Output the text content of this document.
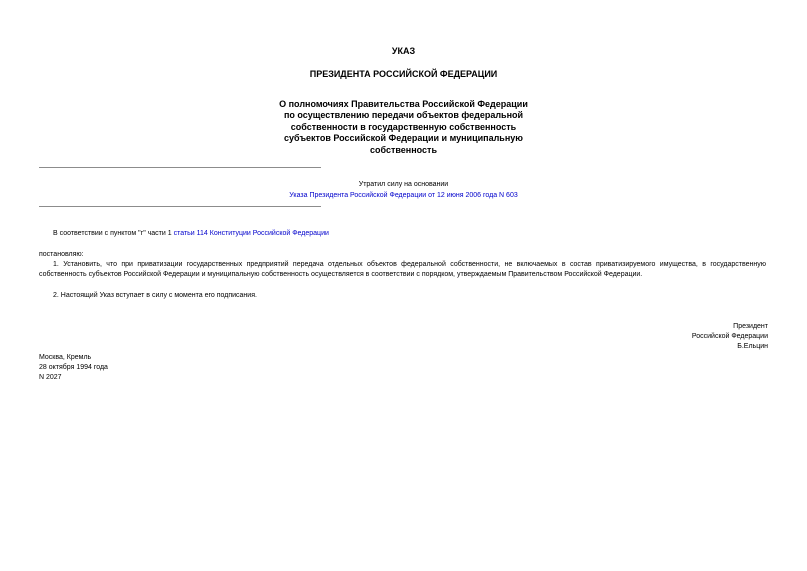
УКАЗ
ПРЕЗИДЕНТА РОССИЙСКОЙ ФЕДЕРАЦИИ
О полномочиях Правительства Российской Федерации
по осуществлению передачи объектов федеральной
собственности в государственную собственность
субъектов Российской Федерации и муниципальную
собственность
Утратил силу на основании
Указа Президента Российской Федерации от 12 июня 2006 года N 603
В соответствии с пунктом "г" части 1 статьи 114 Конституции Российской Федерации
постановляю:
1. Установить, что при приватизации государственных предприятий передача отдельных объектов федеральной собственности, не включаемых в состав приватизируемого имущества, в государственную собственность субъектов Российской Федерации и муниципальную собственность осуществляется в соответствии с порядком, утверждаемым Правительством Российской Федерации.
2. Настоящий Указ вступает в силу с момента его подписания.
Президент
Российской Федерации
Б.Ельцин
Москва, Кремль
28 октября 1994 года
N 2027
